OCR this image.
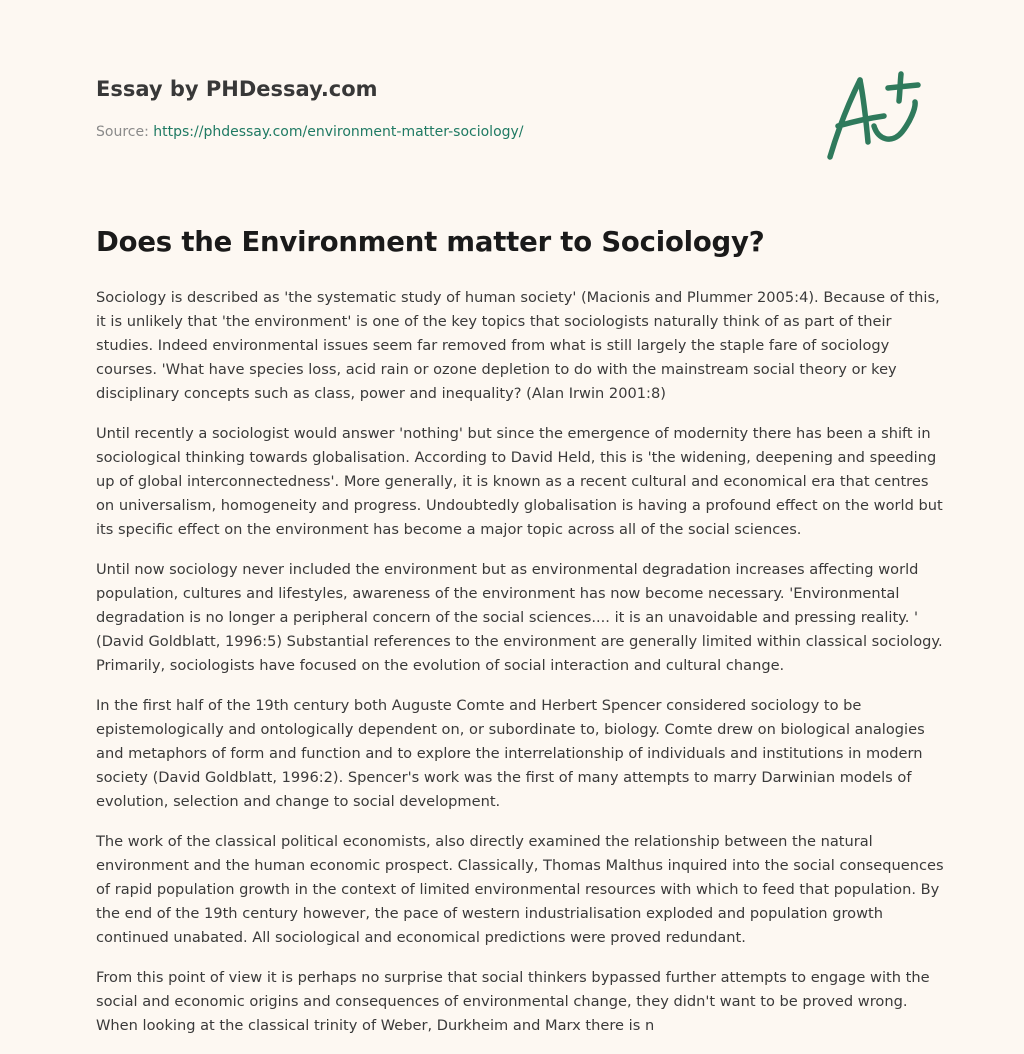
Essay by PHDessay.com
Source: https://phdessay.com/environment-matter-sociology/
Does the Environment matter to Sociology?

Sociology is described as 'the systematic study of human society' (Macionis and Plummer 2005:4). Because of this, it is unlikely that 'the environment' is one of the key topics that sociologists naturally think of as part of their studies. Indeed environmental issues seem far removed from what is still largely the staple fare of sociology courses. 'What have species loss, acid rain or ozone depletion to do with the mainstream social theory or key disciplinary concepts such as class, power and inequality? (Alan Irwin 2001:8)

Until recently a sociologist would answer 'nothing' but since the emergence of modernity there has been a shift in sociological thinking towards globalisation. According to David Held, this is 'the widening, deepening and speeding up of global interconnectedness'. More generally, it is known as a recent cultural and economical era that centres on universalism, homogeneity and progress. Undoubtedly globalisation is having a profound effect on the world but its specific effect on the environment has become a major topic across all of the social sciences.

Until now sociology never included the environment but as environmental degradation increases affecting world population, cultures and lifestyles, awareness of the environment has now become necessary. 'Environmental degradation is no longer a peripheral concern of the social sciences.... it is an unavoidable and pressing reality. ' (David Goldblatt, 1996:5) Substantial references to the environment are generally limited within classical sociology. Primarily, sociologists have focused on the evolution of social interaction and cultural change.

In the first half of the 19th century both Auguste Comte and Herbert Spencer considered sociology to be epistemologically and ontologically dependent on, or subordinate to, biology. Comte drew on biological analogies and metaphors of form and function and to explore the interrelationship of individuals and institutions in modern society (David Goldblatt, 1996:2). Spencer's work was the first of many attempts to marry Darwinian models of evolution, selection and change to social development.

The work of the classical political economists, also directly examined the relationship between the natural environment and the human economic prospect. Classically, Thomas Malthus inquired into the social consequences of rapid population growth in the context of limited environmental resources with which to feed that population. By the end of the 19th century however, the pace of western industrialisation exploded and population growth continued unabated. All sociological and economical predictions were proved redundant.

From this point of view it is perhaps no surprise that social thinkers bypassed further attempts to engage with the social and economic origins and consequences of environmental change, they didn't want to be proved wrong. When looking at the classical trinity of Weber, Durkheim and Marx there is n
